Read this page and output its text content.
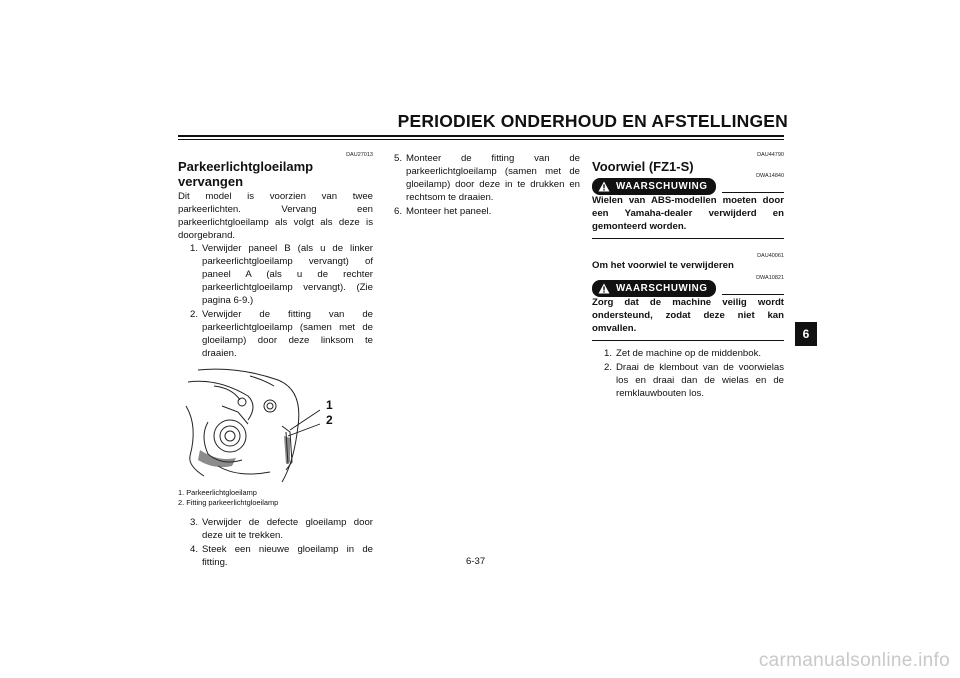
PERIODIEK ONDERHOUD EN AFSTELLINGEN
DAU27013
Parkeerlichtgloeilamp vervangen

Dit model is voorzien van twee parkeerlichten. Vervang een parkeerlichtgloeilamp als volgt als deze is doorgebrand.

1. Verwijder paneel B (als u de linker parkeerlichtgloeilamp vervangt) of paneel A (als u de rechter parkeerlichtgloeilamp vervangt). (Zie pagina 6-9.)
2. Verwijder de fitting van de parkeerlichtgloeilamp (samen met de gloeilamp) door deze linksom te draaien.
1
2
1. Parkeerlichtgloeilamp
2. Fitting parkeerlichtgloeilamp
3. Verwijder de defecte gloeilamp door deze uit te trekken.
4. Steek een nieuwe gloeilamp in de fitting.
5. Monteer de fitting van de parkeerlichtgloeilamp (samen met de gloeilamp) door deze in te drukken en rechtsom te draaien.
6. Monteer het paneel.
DAU44790
Voorwiel (FZ1-S)
WAARSCHUWING
DWA14840

Wielen van ABS-modellen moeten door een Yamaha-dealer verwijderd en gemonteerd worden.

DAU40061
Om het voorwiel te verwijderen
WAARSCHUWING
DWA10821

Zorg dat de machine veilig wordt ondersteund, zodat deze niet kan omvallen.

1. Zet de machine op de middenbok.
2. Draai de klembout van de voorwielas los en draai dan de wielas en de remklauwbouten los.
6
6-37
carmanualsonline.info
